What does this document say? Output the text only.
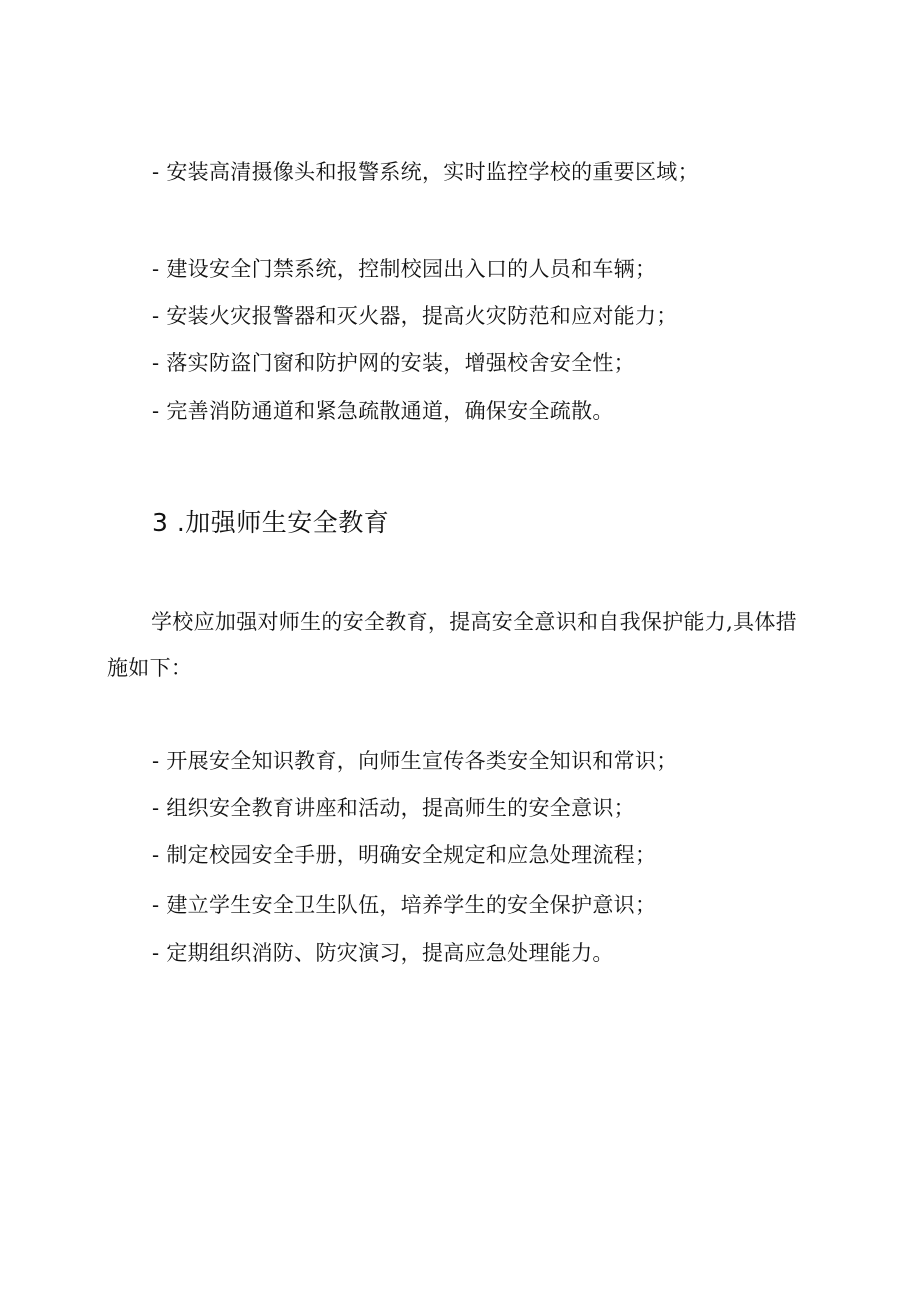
- 安装高清摄像头和报警系统，实时监控学校的重要区域；
- 建设安全门禁系统，控制校园出入口的人员和车辆；
- 安装火灾报警器和灭火器，提高火灾防范和应对能力；
- 落实防盗门窗和防护网的安装，增强校舍安全性；
- 完善消防通道和紧急疏散通道，确保安全疏散。
3 .加强师生安全教育
学校应加强对师生的安全教育，提高安全意识和自我保护能力,具体措施如下：
- 开展安全知识教育，向师生宣传各类安全知识和常识；
- 组织安全教育讲座和活动，提高师生的安全意识；
- 制定校园安全手册，明确安全规定和应急处理流程；
- 建立学生安全卫生队伍，培养学生的安全保护意识；
- 定期组织消防、防灾演习，提高应急处理能力。
